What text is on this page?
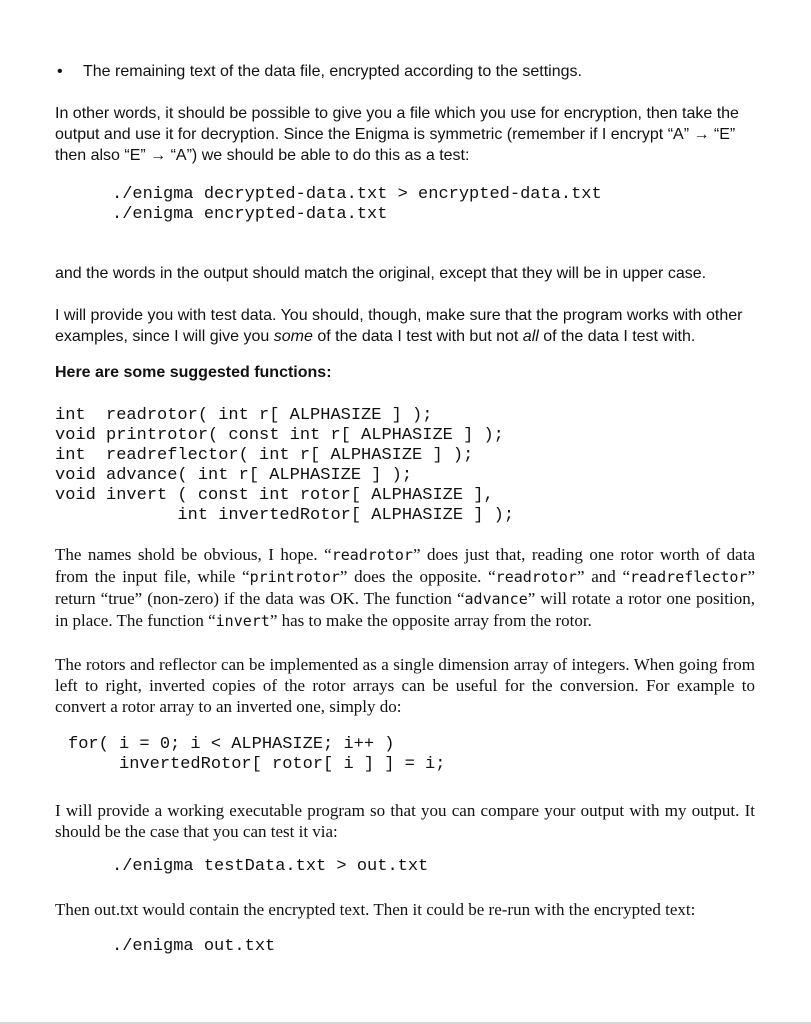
•	The remaining text of the data file, encrypted according to the settings.

In other words, it should be possible to give you a file which you use for encryption, then take the output and use it for decryption. Since the Enigma is symmetric (remember if I encrypt “A” → “E” then also “E” → “A”) we should be able to do this as a test:

./enigma decrypted-data.txt > encrypted-data.txt
./enigma encrypted-data.txt

and the words in the output should match the original, except that they will be in upper case.

I will provide you with test data. You should, though, make sure that the program works with other examples, since I will give you some of the data I test with but not all of the data I test with.

Here are some suggested functions:

int  readrotor( int r[ ALPHASIZE ] );
void printrotor( const int r[ ALPHASIZE ] );
int  readreflector( int r[ ALPHASIZE ] );
void advance( int r[ ALPHASIZE ] );
void invert ( const int rotor[ ALPHASIZE ],
int invertedRotor[ ALPHASIZE ] );

The names shold be obvious, I hope. “readrotor” does just that, reading one rotor worth of data from the input file, while “printrotor” does the opposite. “readrotor” and “readreflector” return “true” (non-zero) if the data was OK. The function “advance” will rotate a rotor one position, in place. The function “invert” has to make the opposite array from the rotor.

The rotors and reflector can be implemented as a single dimension array of integers. When going from left to right, inverted copies of the rotor arrays can be useful for the conversion. For example to convert a rotor array to an inverted one, simply do:

for( i = 0; i < ALPHASIZE; i++ )
invertedRotor[ rotor[ i ] ] = i;

I will provide a working executable program so that you can compare your output with my output. It should be the case that you can test it via:

./enigma testData.txt > out.txt

Then out.txt would contain the encrypted text. Then it could be re-run with the encrypted text:

./enigma out.txt
